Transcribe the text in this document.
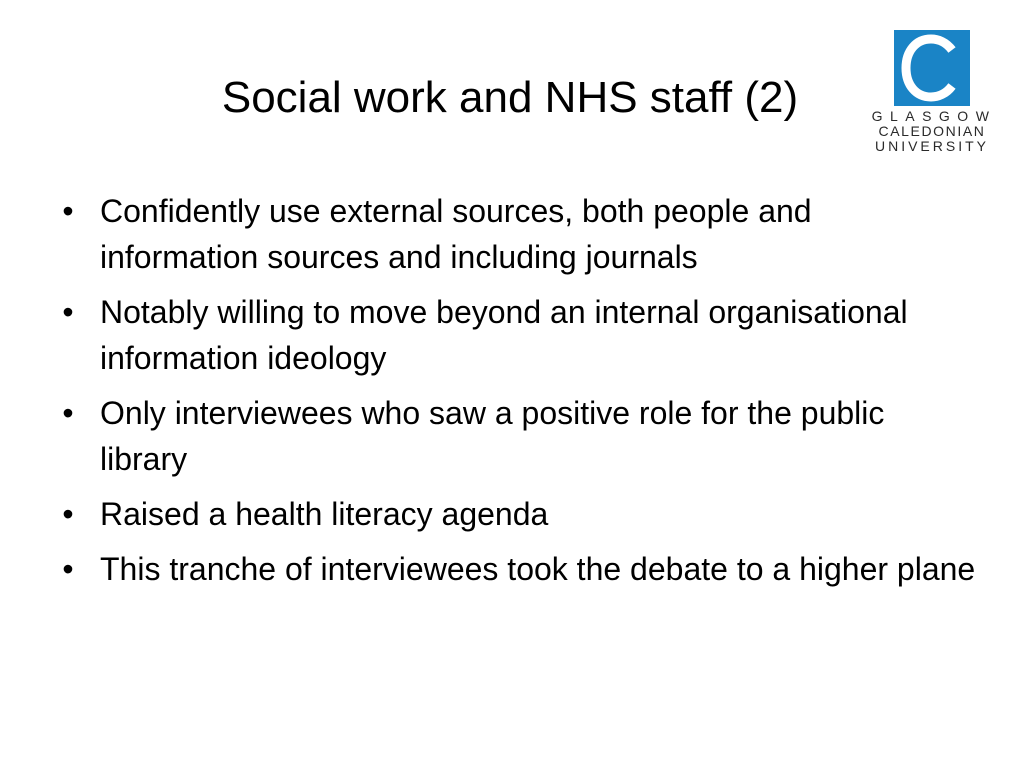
Social work and NHS staff (2)	GLASGOW
CALEDONIAN
UNIVERSITY
• Confidently use external sources, both people and information sources and including journals
• Notably willing to move beyond an internal organisational information ideology
• Only interviewees who saw a positive role for the public library
• Raised a health literacy agenda
• This tranche of interviewees took the debate to a higher plane
